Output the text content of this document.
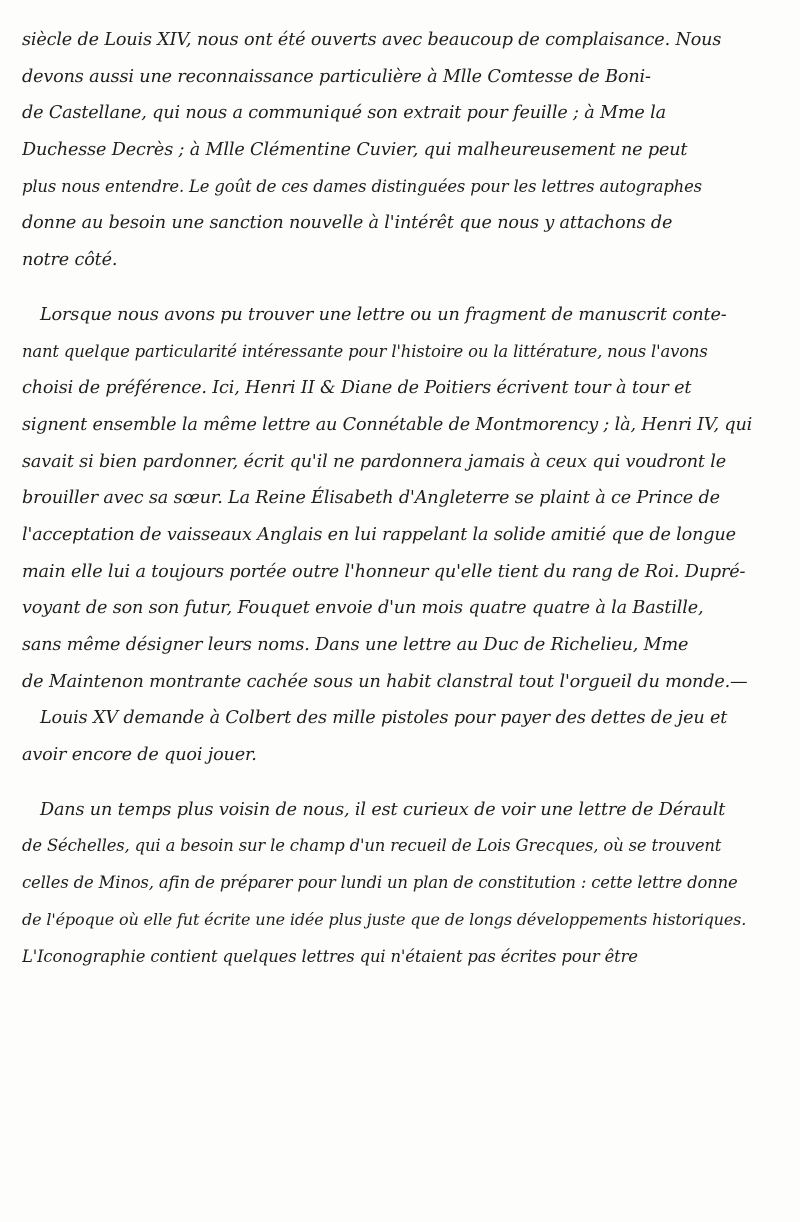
siècle de Louis XIV, nous ont été ouverts avec beaucoup de complaisance. Nous
devons aussi une reconnaissance particulière à Mlle Comtesse de Boni-
de Castellane, qui nous a communiqué son extrait pour feuille ; à Mme la
Duchesse Decrès ; à Mlle Clémentine Cuvier, qui malheureusement ne peut
plus nous entendre. Le goût de ces dames distinguées pour les lettres autographes
donne au besoin une sanction nouvelle à l'intérêt que nous y attachons de
notre côté.
Lorsque nous avons pu trouver une lettre ou un fragment de manuscrit conte-
nant quelque particularité intéressante pour l'histoire ou la littérature, nous l'avons
choisi de préférence. Ici, Henri II & Diane de Poitiers écrivent tour à tour et
signent ensemble la même lettre au Connétable de Montmorency ; là, Henri IV, qui
savait si bien pardonner, écrit qu'il ne pardonnera jamais à ceux qui voudront le
brouiller avec sa sœur. La Reine Élisabeth d'Angleterre se plaint à ce Prince de
l'acceptation de vaisseaux Anglais en lui rappelant la solide amitié que de longue
main elle lui a toujours portée outre l'honneur qu'elle tient du rang de Roi. Dupré-
voyant de son son futur, Fouquet envoie d'un mois quatre quatre à la Bastille,
sans même désigner leurs noms. Dans une lettre au Duc de Richelieu, Mme
de Maintenon montrante cachée sous un habit clanstral tout l'orgueil du monde.—
Louis XV demande à Colbert des mille pistoles pour payer des dettes de jeu et
avoir encore de quoi jouer.
Dans un temps plus voisin de nous, il est curieux de voir une lettre de Dérault
de Séchelles, qui a besoin sur le champ d'un recueil de Lois Grecques, où se trouvent
celles de Minos, afin de préparer pour lundi un plan de constitution : cette lettre donne
de l'époque où elle fut écrite une idée plus juste que de longs développements historiques.
L'Iconographie contient quelques lettres qui n'étaient pas écrites pour être
